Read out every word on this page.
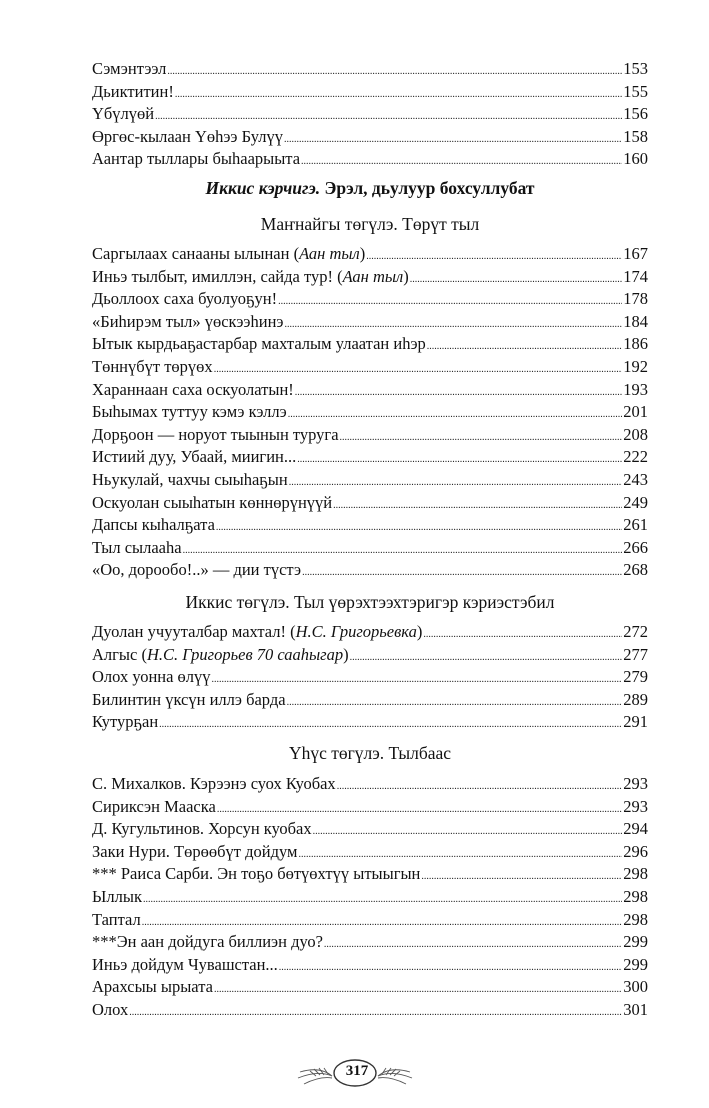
Сэмэнтээл .....	153
Дьиктитин! .....	155
Үбүлүөй .....	156
Өргөс-кылаан Үөһээ Булүү .....	158
Аантар тыллары быһаарыыта .....	160
Иккис кэрчигэ. Эрэл, дьулуур бохсуллубат
Маҥнайгы төгүлэ. Төрүт тыл
Саргылаах санааны ылынан (Аан тыл) .....	167
Иньэ тылбыт, имиллэн, сайда тур! (Аан тыл) .....	174
Дьоллоох саха буолуоҕун! .....	178
«Биһирэм тыл» үөскээһинэ .....	184
Ытык кырдьаҕастарбар махталым улаатан иһэр .....	186
Төннүбүт төрүөх .....	192
Хараннаан саха оскуолатын! .....	193
Быһымах туттуу кэмэ кэллэ .....	201
Дорҕоон — норуот тыынын туруга .....	208
Истиий дуу, Убаай, миигин... .....	222
Ньукулай, чахчы сыыһаҕын .....	243
Оскуолан сыыһатын көннөрүнүүй .....	249
Дапсы кыһалҕата .....	261
Тыл сылааһа .....	266
«Оо, дорообо!..» — дии түстэ .....	268
Иккис төгүлэ. Тыл үөрэхтээхтэригэр кэриэстэбил
Дуолан учууталбар махтал! (Н.С. Григорьевка) .....	272
Алгыс (Н.С. Григорьев 70 сааһыгар) .....	277
Олох уонна өлүү .....	279
Билинтин үксүн иллэ барда .....	289
Кутурҕан .....	291
Үһүс төгүлэ. Тылбаас
С. Михалков. Кэрээнэ суох Куобах .....	293
Сириксэн Мааска .....	293
Д. Кугультинов. Хорсун куобах .....	294
Заки Нури. Төрөөбүт дойдум .....	296
*** Раиса Сарби. Эн тоҕо бөтүөхтүү ытыыгын .....	298
Ыллык .....	298
Таптал .....	298
***Эн аан дойдуга биллиэн дуо? .....	299
Иньэ дойдум Чувашстан... .....	299
Арахсыы ырыата .....	300
Олох .....	301
317
